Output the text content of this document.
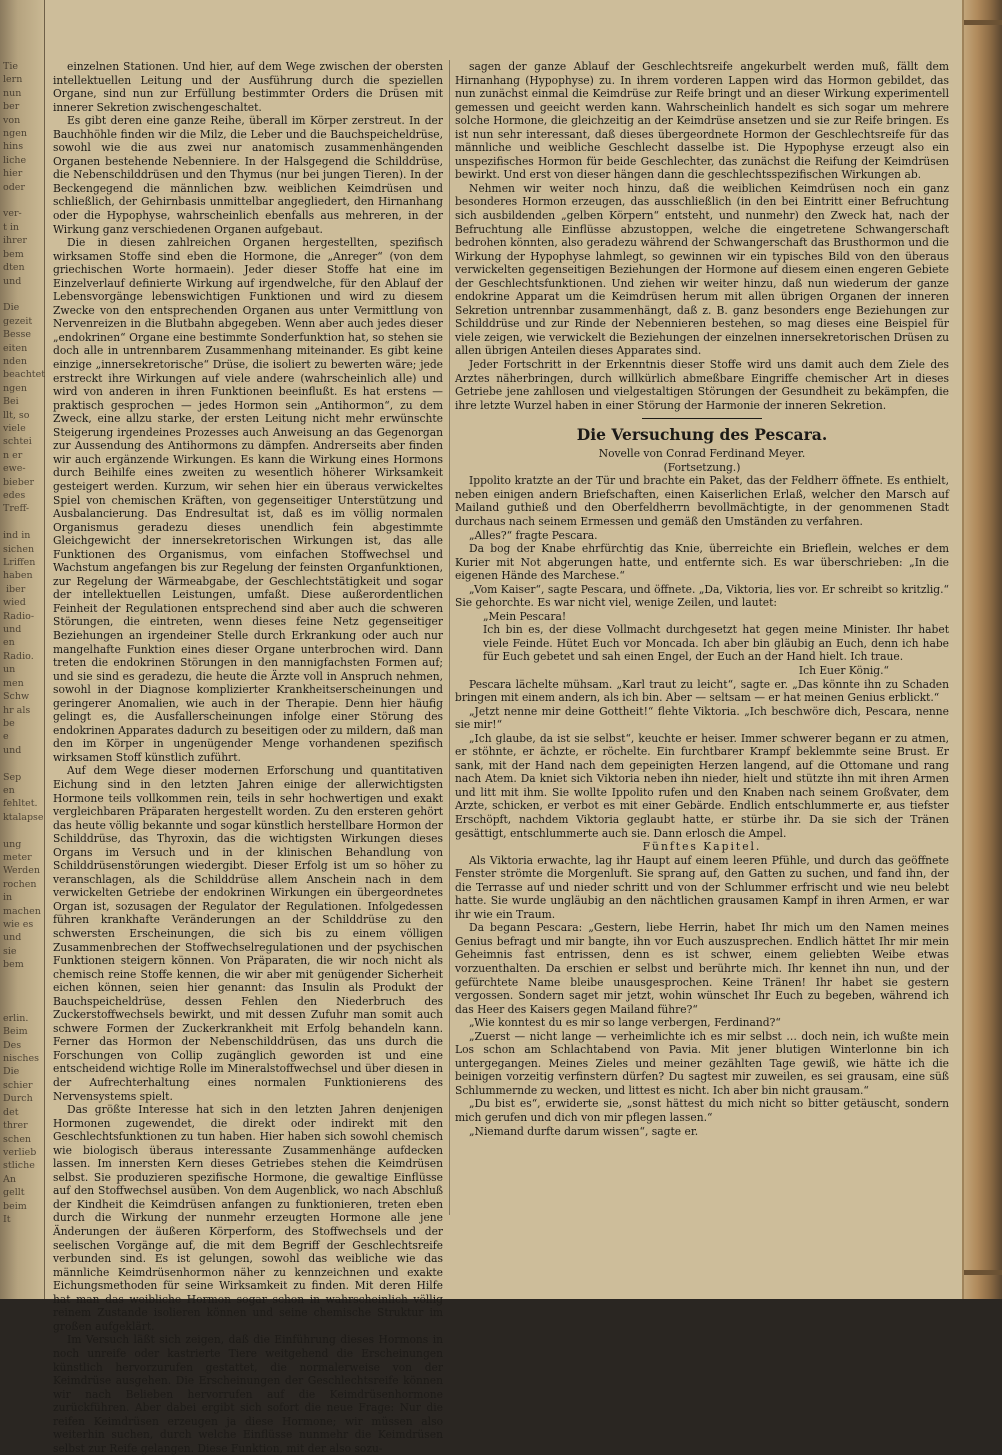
Tie
lern
nun
ber
von
ngen
hins
liche
hier
oder

ver-
t in
ihrer
bem
dten
und

Die
gezeit
Besse
eiten
nden
beachtet
ngen
Bei
llt, so
viele
schtei
n er
ewe-
bieber
edes
Treff-

ind in
sichen
Lriffen
haben
iber
wied
Radio-
und
en
Radio.
un
men
Schw
hr als
be
e
und

Sep
en
fehltet.
ktalapse

ung
meter
Werden
rochen
in
machen
wie es
und
sie
bem

erlin.
Beim
Des
nisches
Die
schier
Durch
det
threr
schen
verlieb
stliche
An
gellt
beim
It

einzelnen Stationen. Und hier, auf dem Wege zwischen der obersten intellektuellen Leitung und der Ausführung durch die speziellen Organe, sind nun zur Erfüllung bestimmter Orders die Drüsen mit innerer Sekretion zwischengeschaltet.

Es gibt deren eine ganze Reihe, überall im Körper zerstreut. In der Bauchhöhle finden wir die Milz, die Leber und die Bauchspeicheldrüse, sowohl wie die aus zwei nur anatomisch zusammenhängenden Organen bestehende Nebenniere. In der Halsgegend die Schilddrüse, die Nebenschilddrüsen und den Thymus (nur bei jungen Tieren). In der Beckengegend die männlichen bzw. weiblichen Keimdrüsen und schließlich, der Gehirnbasis unmittelbar angegliedert, den Hirnanhang oder die Hypophyse, wahrscheinlich ebenfalls aus mehreren, in der Wirkung ganz verschiedenen Organen aufgebaut.

Die in diesen zahlreichen Organen hergestellten, spezifisch wirksamen Stoffe sind eben die Hormone, die „Anreger“ (von dem griechischen Worte hormaein). Jeder dieser Stoffe hat eine im Einzelverlauf definierte Wirkung auf irgendwelche, für den Ablauf der Lebensvorgänge lebenswichtigen Funktionen und wird zu diesem Zwecke von den entsprechenden Organen aus unter Vermittlung von Nervenreizen in die Blutbahn abgegeben. Wenn aber auch jedes dieser „endokrinen“ Organe eine bestimmte Sonderfunktion hat, so stehen sie doch alle in untrennbarem Zusammenhang miteinander. Es gibt keine einzige „innersekretorische“ Drüse, die isoliert zu bewerten wäre; jede erstreckt ihre Wirkungen auf viele andere (wahrscheinlich alle) und wird von anderen in ihren Funktionen beeinflußt. Es hat erstens — praktisch gesprochen — jedes Hormon sein „Antihormon“, zu dem Zweck, eine allzu starke, der ersten Leitung nicht mehr erwünschte Steigerung irgendeines Prozesses auch Anweisung an das Gegenorgan zur Aussendung des Antihormons zu dämpfen. Andrerseits aber finden wir auch ergänzende Wirkungen. Es kann die Wirkung eines Hormons durch Beihilfe eines zweiten zu wesentlich höherer Wirksamkeit gesteigert werden. Kurzum, wir sehen hier ein überaus verwickeltes Spiel von chemischen Kräften, von gegenseitiger Unterstützung und Ausbalancierung. Das Endresultat ist, daß es im völlig normalen Organismus geradezu dieses unendlich fein abgestimmte Gleichgewicht der innersekretorischen Wirkungen ist, das alle Funktionen des Organismus, vom einfachen Stoffwechsel und Wachstum angefangen bis zur Regelung der feinsten Organfunktionen, zur Regelung der Wärmeabgabe, der Geschlechtstätigkeit und sogar der intellektuellen Leistungen, umfaßt. Diese außerordentlichen Feinheit der Regulationen entsprechend sind aber auch die schweren Störungen, die eintreten, wenn dieses feine Netz gegenseitiger Beziehungen an irgendeiner Stelle durch Erkrankung oder auch nur mangelhafte Funktion eines dieser Organe unterbrochen wird. Dann treten die endokrinen Störungen in den mannigfachsten Formen auf; und sie sind es geradezu, die heute die Ärzte voll in Anspruch nehmen, sowohl in der Diagnose komplizierter Krankheitserscheinungen und geringerer Anomalien, wie auch in der Therapie. Denn hier häufig gelingt es, die Ausfallerscheinungen infolge einer Störung des endokrinen Apparates dadurch zu beseitigen oder zu mildern, daß man den im Körper in ungenügender Menge vorhandenen spezifisch wirksamen Stoff künstlich zuführt.

Auf dem Wege dieser modernen Erforschung und quantitativen Eichung sind in den letzten Jahren einige der allerwichtigsten Hormone teils vollkommen rein, teils in sehr hochwertigen und exakt vergleichbaren Präparaten hergestellt worden. Zu den ersteren gehört das heute völlig bekannte und sogar künstlich herstellbare Hormon der Schilddrüse, das Thyroxin, das die wichtigsten Wirkungen dieses Organs im Versuch und in der klinischen Behandlung von Schilddrüsenstörungen wiedergibt. Dieser Erfolg ist um so höher zu veranschlagen, als die Schilddrüse allem Anschein nach in dem verwickelten Getriebe der endokrinen Wirkungen ein übergeordnetes Organ ist, sozusagen der Regulator der Regulationen. Infolgedessen führen krankhafte Veränderungen an der Schilddrüse zu den schwersten Erscheinungen, die sich bis zu einem völligen Zusammenbrechen der Stoffwechselregulationen und der psychischen Funktionen steigern können. Von Präparaten, die wir noch nicht als chemisch reine Stoffe kennen, die wir aber mit genügender Sicherheit eichen können, seien hier genannt: das Insulin als Produkt der Bauchspeicheldrüse, dessen Fehlen den Niederbruch des Zuckerstoffwechsels bewirkt, und mit dessen Zufuhr man somit auch schwere Formen der Zuckerkrankheit mit Erfolg behandeln kann. Ferner das Hormon der Nebenschilddrüsen, das uns durch die Forschungen von Collip zugänglich geworden ist und eine entscheidend wichtige Rolle im Mineralstoffwechsel und über diesen in der Aufrechterhaltung eines normalen Funktionierens des Nervensystems spielt.

Das größte Interesse hat sich in den letzten Jahren denjenigen Hormonen zugewendet, die direkt oder indirekt mit den Geschlechtsfunktionen zu tun haben. Hier haben sich sowohl chemisch wie biologisch überaus interessante Zusammenhänge aufdecken lassen. Im innersten Kern dieses Getriebes stehen die Keimdrüsen selbst. Sie produzieren spezifische Hormone, die gewaltige Einflüsse auf den Stoffwechsel ausüben. Von dem Augenblick, wo nach Abschluß der Kindheit die Keimdrüsen anfangen zu funktionieren, treten eben durch die Wirkung der nunmehr erzeugten Hormone alle jene Änderungen der äußeren Körperform, des Stoffwechsels und der seelischen Vorgänge auf, die mit dem Begriff der Geschlechtsreife verbunden sind. Es ist gelungen, sowohl das weibliche wie das männliche Keimdrüsenhormon näher zu kennzeichnen und exakte Eichungsmethoden für seine Wirksamkeit zu finden. Mit deren Hilfe hat man das weibliche Hormon sogar schon in wahrscheinlich völlig reinem Zustande isolieren können und seine chemische Struktur im großen aufgeklärt.

Im Versuch läßt sich zeigen, daß die Einführung dieses Hormons in noch unreife oder kastrierte Tiere weitgehend die Erscheinungen künstlich hervorzurufen gestattet, die normalerweise von der Keimdrüse ausgehen. Die Erscheinungen der Geschlechtsreife können wir nach Belieben hervorrufen auf die Keimdrüsenhormone zurückführen. Aber dabei ergibt sich sofort die neue Frage: Nur die reifen Keimdrüsen erzeugen ja diese Hormone; wir müssen also weiterhin suchen, durch welche Einflüsse nunmehr die Keimdrüsen selbst zur Reife gelangen. Diese Funktion, mit der also sozu-

sagen der ganze Ablauf der Geschlechtsreife angekurbelt werden muß, fällt dem Hirnanhang (Hypophyse) zu. In ihrem vorderen Lappen wird das Hormon gebildet, das nun zunächst einmal die Keimdrüse zur Reife bringt und an dieser Wirkung experimentell gemessen und geeicht werden kann. Wahrscheinlich handelt es sich sogar um mehrere solche Hormone, die gleichzeitig an der Keimdrüse ansetzen und sie zur Reife bringen. Es ist nun sehr interessant, daß dieses übergeordnete Hormon der Geschlechtsreife für das männliche und weibliche Geschlecht dasselbe ist. Die Hypophyse erzeugt also ein unspezifisches Hormon für beide Geschlechter, das zunächst die Reifung der Keimdrüsen bewirkt. Und erst von dieser hängen dann die geschlechtsspezifischen Wirkungen ab.

Nehmen wir weiter noch hinzu, daß die weiblichen Keimdrüsen noch ein ganz besonderes Hormon erzeugen, das ausschließlich (in den bei Eintritt einer Befruchtung sich ausbildenden „gelben Körpern“ entsteht, und nunmehr) den Zweck hat, nach der Befruchtung alle Einflüsse abzustoppen, welche die eingetretene Schwangerschaft bedrohen könnten, also geradezu während der Schwangerschaft das Brusthormon und die Wirkung der Hypophyse lahmlegt, so gewinnen wir ein typisches Bild von den überaus verwickelten gegenseitigen Beziehungen der Hormone auf diesem einen engeren Gebiete der Geschlechtsfunktionen. Und ziehen wir weiter hinzu, daß nun wiederum der ganze endokrine Apparat um die Keimdrüsen herum mit allen übrigen Organen der inneren Sekretion untrennbar zusammenhängt, daß z. B. ganz besonders enge Beziehungen zur Schilddrüse und zur Rinde der Nebennieren bestehen, so mag dieses eine Beispiel für viele zeigen, wie verwickelt die Beziehungen der einzelnen innersekretorischen Drüsen zu allen übrigen Anteilen dieses Apparates sind.

Jeder Fortschritt in der Erkenntnis dieser Stoffe wird uns damit auch dem Ziele des Arztes näherbringen, durch willkürlich abmeßbare Eingriffe chemischer Art in dieses Getriebe jene zahllosen und vielgestaltigen Störungen der Gesundheit zu bekämpfen, die ihre letzte Wurzel haben in einer Störung der Harmonie der inneren Sekretion.

Die Versuchung des Pescara.

Novelle von Conrad Ferdinand Meyer.

(Fortsetzung.)

Ippolito kratzte an der Tür und brachte ein Paket, das der Feldherr öffnete. Es enthielt, neben einigen andern Briefschaften, einen Kaiserlichen Erlaß, welcher den Marsch auf Mailand guthieß und den Oberfeldherrn bevollmächtigte, in der genommenen Stadt durchaus nach seinem Ermessen und gemäß den Umständen zu verfahren.

„Alles?“ fragte Pescara.

Da bog der Knabe ehrfürchtig das Knie, überreichte ein Brieflein, welches er dem Kurier mit Not abgerungen hatte, und entfernte sich. Es war überschrieben: „In die eigenen Hände des Marchese.“

„Vom Kaiser“, sagte Pescara, und öffnete. „Da, Viktoria, lies vor. Er schreibt so kritzlig.“ Sie gehorchte. Es war nicht viel, wenige Zeilen, und lautet:

„Mein Pescara!

Ich bin es, der diese Vollmacht durchgesetzt hat gegen meine Minister. Ihr habet viele Feinde. Hütet Euch vor Moncada. Ich aber bin gläubig an Euch, denn ich habe für Euch gebetet und sah einen Engel, der Euch an der Hand hielt. Ich traue.

Ich Euer König.“

Pescara lächelte mühsam. „Karl traut zu leicht“, sagte er. „Das könnte ihn zu Schaden bringen mit einem andern, als ich bin. Aber — seltsam — er hat meinen Genius erblickt.“

„Jetzt nenne mir deine Gottheit!“ flehte Viktoria. „Ich beschwöre dich, Pescara, nenne sie mir!“

„Ich glaube, da ist sie selbst“, keuchte er heiser. Immer schwerer begann er zu atmen, er stöhnte, er ächzte, er röchelte. Ein furchtbarer Krampf beklemmte seine Brust. Er sank, mit der Hand nach dem gepeinigten Herzen langend, auf die Ottomane und rang nach Atem. Da kniet sich Viktoria neben ihn nieder, hielt und stützte ihn mit ihren Armen und litt mit ihm. Sie wollte Ippolito rufen und den Knaben nach seinem Großvater, dem Arzte, schicken, er verbot es mit einer Gebärde. Endlich entschlummerte er, aus tiefster Erschöpft, nachdem Viktoria geglaubt hatte, er stürbe ihr. Da sie sich der Tränen gesättigt, entschlummerte auch sie. Dann erlosch die Ampel.

Fünftes Kapitel.

Als Viktoria erwachte, lag ihr Haupt auf einem leeren Pfühle, und durch das geöffnete Fenster strömte die Morgenluft. Sie sprang auf, den Gatten zu suchen, und fand ihn, der die Terrasse auf und nieder schritt und von der Schlummer erfrischt und wie neu belebt hatte. Sie wurde ungläubig an den nächtlichen grausamen Kampf in ihren Armen, er war ihr wie ein Traum.

Da begann Pescara: „Gestern, liebe Herrin, habet Ihr mich um den Namen meines Genius befragt und mir bangte, ihn vor Euch auszusprechen. Endlich hättet Ihr mir mein Geheimnis fast entrissen, denn es ist schwer, einem geliebten Weibe etwas vorzuenthalten. Da erschien er selbst und berührte mich. Ihr kennet ihn nun, und der gefürchtete Name bleibe unausgesprochen. Keine Tränen! Ihr habet sie gestern vergossen. Sondern saget mir jetzt, wohin wünschet Ihr Euch zu begeben, während ich das Heer des Kaisers gegen Mailand führe?“

„Wie konntest du es mir so lange verbergen, Ferdinand?“

„Zuerst — nicht lange — verheimlichte ich es mir selbst … doch nein, ich wußte mein Los schon am Schlachtabend von Pavia. Mit jener blutigen Winterlonne bin ich untergegangen. Meines Zieles und meiner gezählten Tage gewiß, wie hätte ich die beinigen vorzeitig verfinstern dürfen? Du sagtest mir zuweilen, es sei grausam, eine süß Schlummernde zu wecken, und littest es nicht. Ich aber bin nicht grausam.“

„Du bist es“, erwiderte sie, „sonst hättest du mich nicht so bitter getäuscht, sondern mich gerufen und dich von mir pflegen lassen.“

„Niemand durfte darum wissen“, sagte er.
